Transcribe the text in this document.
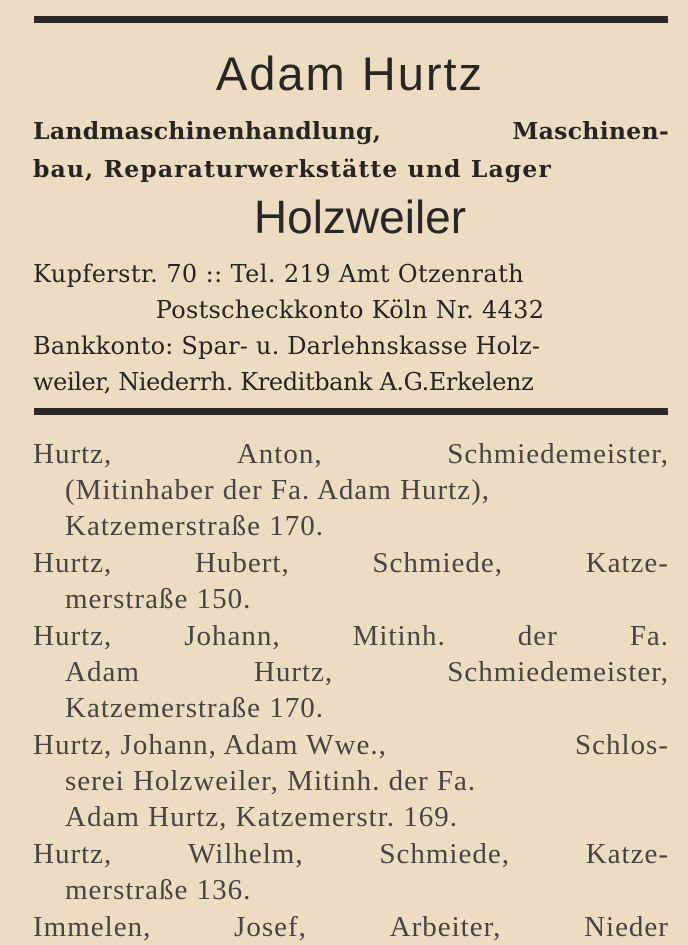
Adam Hurtz
Landmaschinenhandlung,	Maschinen-
bau, Reparaturwerkstätte und Lager
Holzweiler
Kupferstr. 70 :: Tel. 219 Amt Otzenrath
Postscheckkonto Köln Nr. 4432
Bankkonto: Spar- u. Darlehnskasse Holz-
weiler, Niederrh. Kreditbank A.G.Erkelenz
Hurtz,	Anton,	Schmiedemeister,
(Mitinhaber der Fa. Adam Hurtz),
Katzemerstraße 170.
Hurtz,	Hubert,	Schmiede,	Katze-
merstraße 150.
Hurtz, Johann, Mitinh. der Fa.
Adam	Hurtz,	Schmiedemeister,
Katzemerstraße 170.
Hurtz, Johann, Adam Wwe.,	Schlos-
serei Holzweiler, Mitinh. der Fa.
Adam Hurtz, Katzemerstr. 169.
Hurtz,	Wilhelm,	Schmiede,	Katze-
merstraße 136.
Immelen,	Josef,	Arbeiter,	Nieder
